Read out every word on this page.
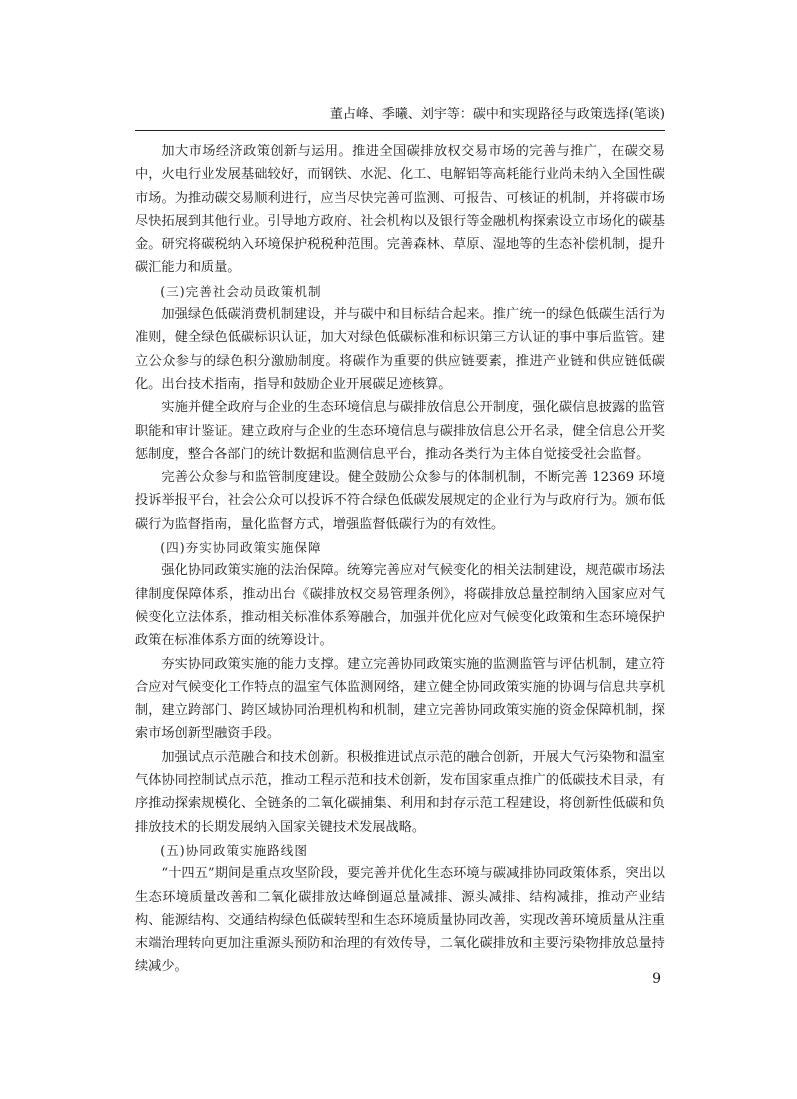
董占峰、季曦、刘宇等：碳中和实现路径与政策选择(笔谈)

加大市场经济政策创新与运用。推进全国碳排放权交易市场的完善与推广，在碳交易中，火电行业发展基础较好，而钢铁、水泥、化工、电解铝等高耗能行业尚未纳入全国性碳市场。为推动碳交易顺利进行，应当尽快完善可监测、可报告、可核证的机制，并将碳市场尽快拓展到其他行业。引导地方政府、社会机构以及银行等金融机构探索设立市场化的碳基金。研究将碳税纳入环境保护税税种范围。完善森林、草原、湿地等的生态补偿机制，提升碳汇能力和质量。

(三)完善社会动员政策机制

加强绿色低碳消费机制建设，并与碳中和目标结合起来。推广统一的绿色低碳生活行为准则，健全绿色低碳标识认证，加大对绿色低碳标准和标识第三方认证的事中事后监管。建立公众参与的绿色积分激励制度。将碳作为重要的供应链要素，推进产业链和供应链低碳化。出台技术指南，指导和鼓励企业开展碳足迹核算。

实施并健全政府与企业的生态环境信息与碳排放信息公开制度，强化碳信息披露的监管职能和审计鉴证。建立政府与企业的生态环境信息与碳排放信息公开名录，健全信息公开奖惩制度，整合各部门的统计数据和监测信息平台，推动各类行为主体自觉接受社会监督。

完善公众参与和监管制度建设。健全鼓励公众参与的体制机制，不断完善 12369 环境投诉举报平台，社会公众可以投诉不符合绿色低碳发展规定的企业行为与政府行为。颁布低碳行为监督指南，量化监督方式，增强监督低碳行为的有效性。

(四)夯实协同政策实施保障

强化协同政策实施的法治保障。统筹完善应对气候变化的相关法制建设，规范碳市场法律制度保障体系，推动出台《碳排放权交易管理条例》，将碳排放总量控制纳入国家应对气候变化立法体系，推动相关标准体系筹融合，加强并优化应对气候变化政策和生态环境保护政策在标准体系方面的统筹设计。

夯实协同政策实施的能力支撑。建立完善协同政策实施的监测监管与评估机制，建立符合应对气候变化工作特点的温室气体监测网络，建立健全协同政策实施的协调与信息共享机制，建立跨部门、跨区域协同治理机构和机制，建立完善协同政策实施的资金保障机制，探索市场创新型融资手段。

加强试点示范融合和技术创新。积极推进试点示范的融合创新，开展大气污染物和温室气体协同控制试点示范，推动工程示范和技术创新，发布国家重点推广的低碳技术目录，有序推动探索规模化、全链条的二氧化碳捕集、利用和封存示范工程建设，将创新性低碳和负排放技术的长期发展纳入国家关键技术发展战略。

(五)协同政策实施路线图

“十四五”期间是重点攻坚阶段，要完善并优化生态环境与碳减排协同政策体系，突出以生态环境质量改善和二氧化碳排放达峰倒逼总量减排、源头减排、结构减排，推动产业结构、能源结构、交通结构绿色低碳转型和生态环境质量协同改善，实现改善环境质量从注重末端治理转向更加注重源头预防和治理的有效传导，二氧化碳排放和主要污染物排放总量持续减少。

9
